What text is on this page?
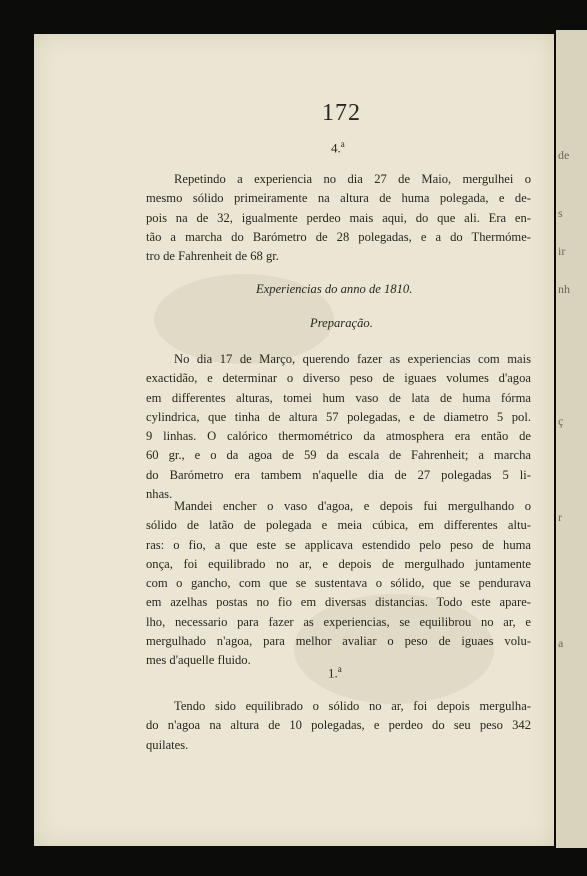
de
s
ir
nh
ç
r
a
172
4.$^a$
Repetindo a experiencia no dia 27 de Maio, mergulhei o
mesmo sólido primeiramente na altura de huma polegada, e de-
pois na de 32, igualmente perdeo mais aqui, do que ali. Era en-
tão a marcha do Barómetro de 28 polegadas, e a do Thermóme-
tro de Fahrenheit de 68 gr.
Experiencias do anno de 1810.
Preparação.
No dia 17 de Março, querendo fazer as experiencias com mais
exactidão, e determinar o diverso peso de iguaes volumes d'agoa
em differentes alturas, tomei hum vaso de lata de huma fórma
cylindrica, que tinha de altura 57 polegadas, e de diametro 5 pol.
9 linhas. O calórico thermométrico da atmosphera era então de
60 gr., e o da agoa de 59 da escala de Fahrenheit; a marcha
do Barómetro era tambem n'aquelle dia de 27 polegadas 5 li-
nhas.
Mandei encher o vaso d'agoa, e depois fui mergulhando o
sólido de latão de polegada e meia cúbica, em differentes altu-
ras: o fio, a que este se applicava estendido pelo peso de huma
onça, foi equilibrado no ar, e depois de mergulhado juntamente
com o gancho, com que se sustentava o sólido, que se pendurava
em azelhas postas no fio em diversas distancias. Todo este apare-
lho, necessario para fazer as experiencias, se equilibrou no ar, e
mergulhado n'agoa, para melhor avaliar o peso de iguaes volu-
mes d'aquelle fluido.
1.$^a$
Tendo sido equilibrado o sólido no ar, foi depois mergulha-
do n'agoa na altura de 10 polegadas, e perdeo do seu peso 342
quilates.
